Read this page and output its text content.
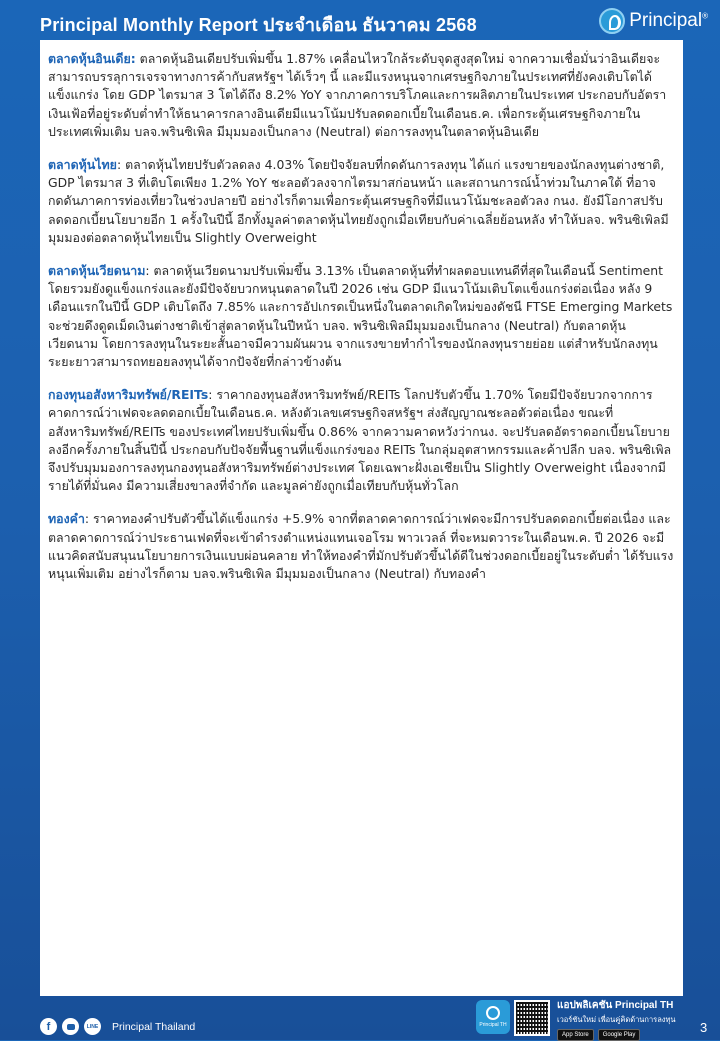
Principal Monthly Report ประจำเดือน ธันวาคม 2568	Principal®

ตลาดหุ้นอินเดีย: ตลาดหุ้นอินเดียปรับเพิ่มขึ้น 1.87% เคลื่อนไหวใกล้ระดับจุดสูงสุดใหม่ จากความเชื่อมั่นว่าอินเดียจะสามารถบรรลุการเจรจาทางการค้ากับสหรัฐฯ ได้เร็วๆ นี้ และมีแรงหนุนจากเศรษฐกิจภายในประเทศที่ยังคงเติบโตได้แข็งแกร่ง โดย GDP ไตรมาส 3 โตได้ถึง 8.2% YoY จากภาคการบริโภคและการผลิตภายในประเทศ ประกอบกับอัตราเงินเฟ้อที่อยู่ระดับต่ำทำให้ธนาคารกลางอินเดียมีแนวโน้มปรับลดดอกเบี้ยในเดือนธ.ค. เพื่อกระตุ้นเศรษฐกิจภายในประเทศเพิ่มเติม บลจ.พรินซิเพิล มีมุมมองเป็นกลาง (Neutral) ต่อการลงทุนในตลาดหุ้นอินเดีย

ตลาดหุ้นไทย: ตลาดหุ้นไทยปรับตัวลดลง 4.03% โดยปัจจัยลบที่กดดันการลงทุน ได้แก่ แรงขายของนักลงทุนต่างชาติ, GDP ไตรมาส 3 ที่เติบโตเพียง 1.2% YoY ชะลอตัวลงจากไตรมาสก่อนหน้า และสถานการณ์น้ำท่วมในภาคใต้ ที่อาจกดดันภาคการท่องเที่ยวในช่วงปลายปี อย่างไรก็ตามเพื่อกระตุ้นเศรษฐกิจที่มีแนวโน้มชะลอตัวลง กนง. ยังมีโอกาสปรับลดดอกเบี้ยนโยบายอีก 1 ครั้งในปีนี้ อีกทั้งมูลค่าตลาดหุ้นไทยยังถูกเมื่อเทียบกับค่าเฉลี่ยย้อนหลัง ทำให้บลจ. พรินซิเพิลมีมุมมองต่อตลาดหุ้นไทยเป็น Slightly Overweight

ตลาดหุ้นเวียดนาม: ตลาดหุ้นเวียดนามปรับเพิ่มขึ้น 3.13% เป็นตลาดหุ้นที่ทำผลตอบแทนดีที่สุดในเดือนนี้ Sentiment โดยรวมยังดูแข็งแกร่งและยังมีปัจจัยบวกหนุนตลาดในปี 2026 เช่น GDP มีแนวโน้มเติบโตแข็งแกร่งต่อเนื่อง หลัง 9 เดือนแรกในปีนี้ GDP เติบโตถึง 7.85% และการอัปเกรดเป็นหนึ่งในตลาดเกิดใหม่ของดัชนี FTSE Emerging Markets จะช่วยดึงดูดเม็ดเงินต่างชาติเข้าสู่ตลาดหุ้นในปีหน้า บลจ. พรินซิเพิลมีมุมมองเป็นกลาง (Neutral) กับตลาดหุ้นเวียดนาม โดยการลงทุนในระยะสั้นอาจมีความผันผวน จากแรงขายทำกำไรของนักลงทุนรายย่อย แต่สำหรับนักลงทุนระยะยาวสามารถทยอยลงทุนได้จากปัจจัยที่กล่าวข้างต้น

กองทุนอสังหาริมทรัพย์/REITs: ราคากองทุนอสังหาริมทรัพย์/REITs โลกปรับตัวขึ้น 1.70% โดยมีปัจจัยบวกจากการคาดการณ์ว่าเฟดจะลดดอกเบี้ยในเดือนธ.ค. หลังตัวเลขเศรษฐกิจสหรัฐฯ ส่งสัญญาณชะลอตัวต่อเนื่อง ขณะที่อสังหาริมทรัพย์/REITs ของประเทศไทยปรับเพิ่มขึ้น 0.86% จากความคาดหวังว่ากนง. จะปรับลดอัตราดอกเบี้ยนโยบายลงอีกครั้งภายในสิ้นปีนี้ ประกอบกับปัจจัยพื้นฐานที่แข็งแกร่งของ REITs ในกลุ่มอุตสาหกรรมและค้าปลีก บลจ. พรินซิเพิลจึงปรับมุมมองการลงทุนกองทุนอสังหาริมทรัพย์ต่างประเทศ โดยเฉพาะฝั่งเอเชียเป็น Slightly Overweight เนื่องจากมีรายได้ที่มั่นคง มีความเสี่ยงขาลงที่จำกัด และมูลค่ายังถูกเมื่อเทียบกับหุ้นทั่วโลก

ทองคำ: ราคาทองคำปรับตัวขึ้นได้แข็งแกร่ง +5.9% จากที่ตลาดคาดการณ์ว่าเฟดจะมีการปรับลดดอกเบี้ยต่อเนื่อง และตลาดคาดการณ์ว่าประธานเฟดที่จะเข้าดำรงตำแหน่งแทนเจอโรม พาวเวลล์ ที่จะหมดวาระในเดือนพ.ค. ปี 2026 จะมีแนวคิดสนับสนุนนโยบายการเงินแบบผ่อนคลาย ทำให้ทองคำที่มักปรับตัวขึ้นได้ดีในช่วงดอกเบี้ยอยู่ในระดับต่ำ ได้รับแรงหนุนเพิ่มเติม อย่างไรก็ตาม บลจ.พรินซิเพิล มีมุมมองเป็นกลาง (Neutral) กับทองคำ

f	LINE Principal Thailand	Principal TH
แอปพลิเคชัน Principal TH
เวอร์ชันใหม่ เพื่อนคู่คิดด้านการลงทุน
App Store	Google Play	3
